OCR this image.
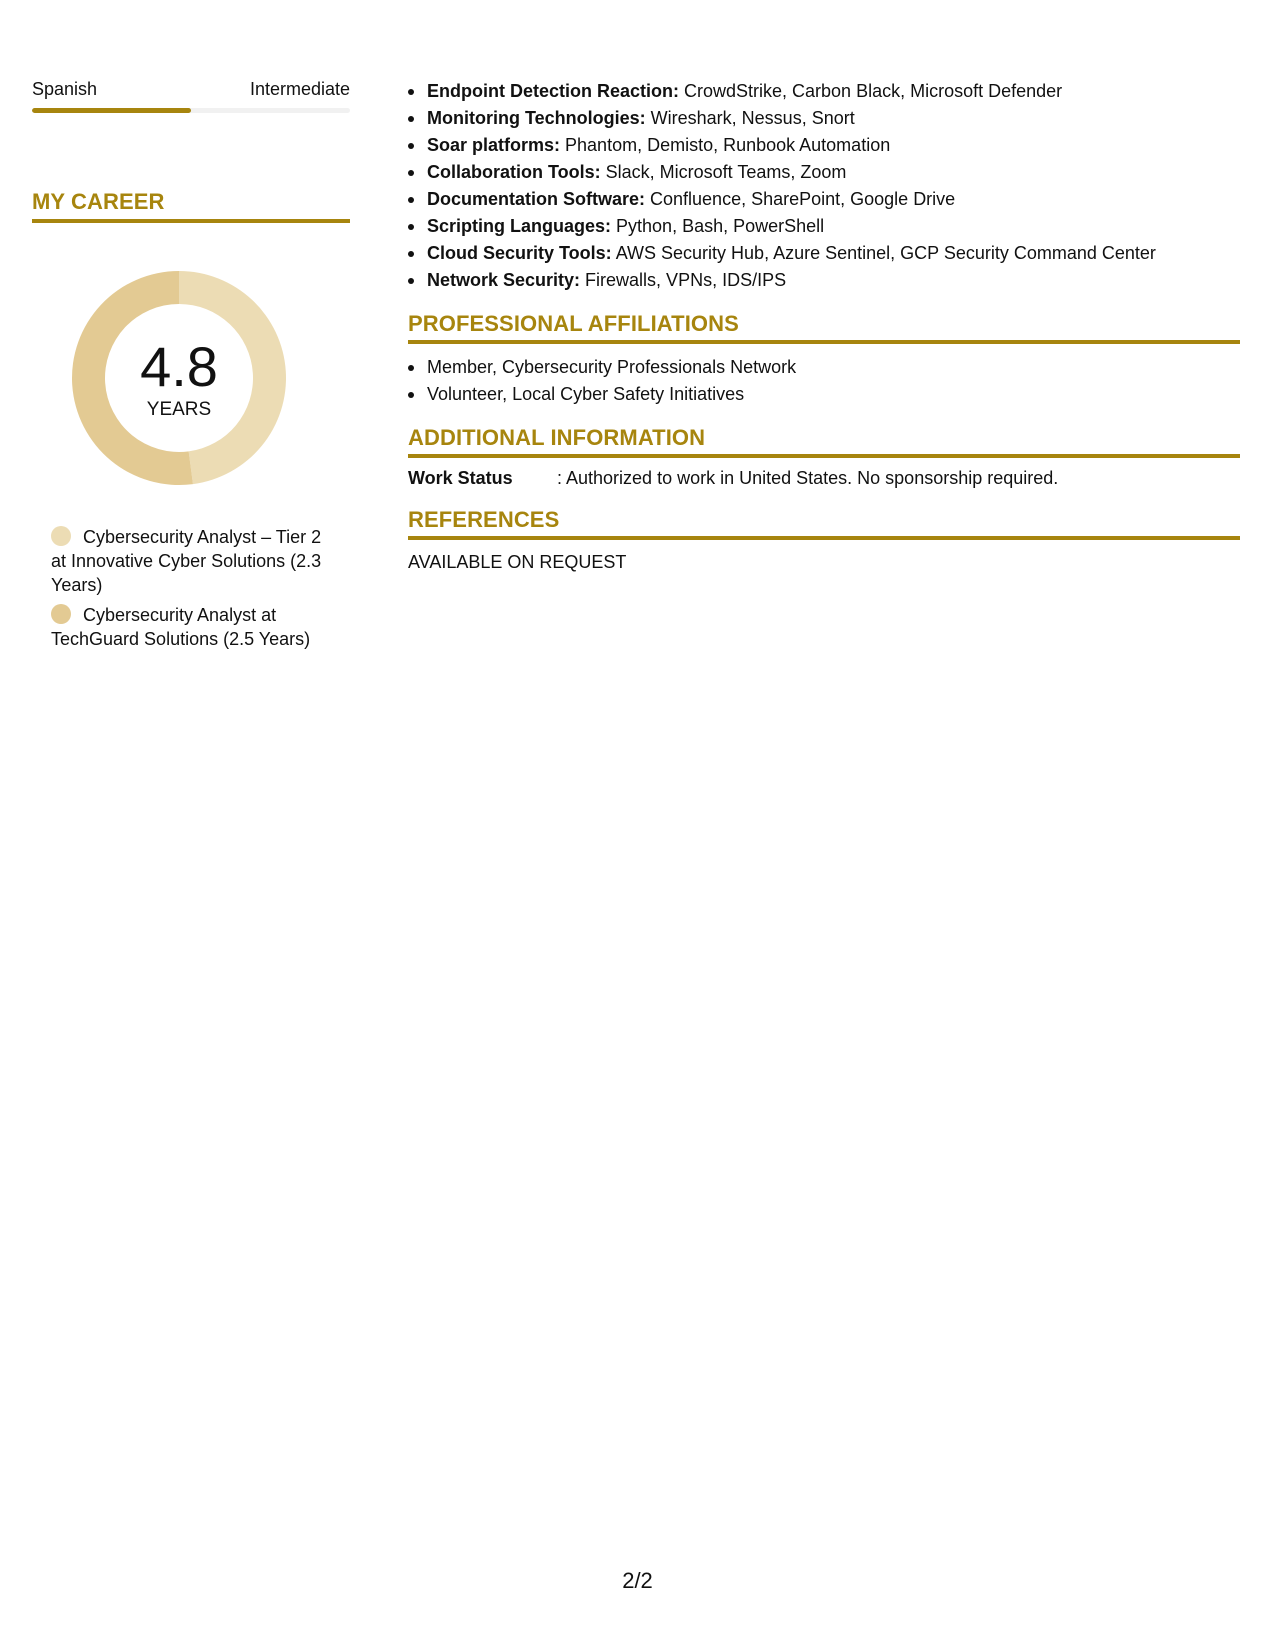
Spanish	Intermediate
MY CAREER
4.8
YEARS
Cybersecurity Analyst – Tier 2 at Innovative Cyber Solutions (2.3 Years)
Cybersecurity Analyst at TechGuard Solutions (2.5 Years)
Endpoint Detection Reaction: CrowdStrike, Carbon Black, Microsoft Defender
Monitoring Technologies: Wireshark, Nessus, Snort
Soar platforms: Phantom, Demisto, Runbook Automation
Collaboration Tools: Slack, Microsoft Teams, Zoom
Documentation Software: Confluence, SharePoint, Google Drive
Scripting Languages: Python, Bash, PowerShell
Cloud Security Tools: AWS Security Hub, Azure Sentinel, GCP Security Command Center
Network Security: Firewalls, VPNs, IDS/IPS
PROFESSIONAL AFFILIATIONS
Member, Cybersecurity Professionals Network
Volunteer, Local Cyber Safety Initiatives
ADDITIONAL INFORMATION
Work Status	: Authorized to work in United States. No sponsorship required.
REFERENCES
AVAILABLE ON REQUEST
2/2
